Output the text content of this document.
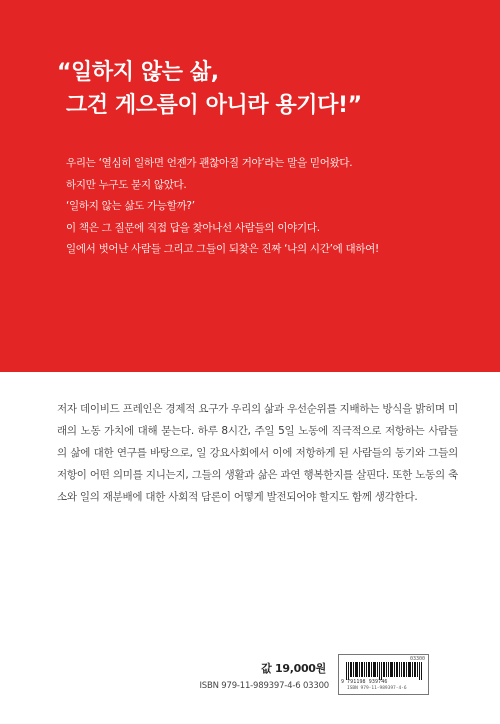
“일하지 않는 삶,
그건 게으름이 아니라 용기다!”

우리는 ‘열심히 일하면 언젠가 괜찮아질 거야’라는 말을 믿어왔다.

하지만 누구도 묻지 않았다.

‘일하지 않는 삶도 가능할까?’

이 책은 그 질문에 직접 답을 찾아나선 사람들의 이야기다.

일에서 벗어난 사람들 그리고 그들이 되찾은 진짜 ‘나의 시간’에 대하여!

저자 데이비드 프레인은 경제적 요구가 우리의 삶과 우선순위를 지배하는 방식을 밝히며 미래의 노동 가치에 대해 묻는다. 하루 8시간, 주일 5일 노동에 직극적으로 저항하는 사람들의 삶에 대한 연구를 바탕으로, 일 강요사회에서 이에 저항하게 된 사람들의 동기와 그들의 저항이 어떤 의미를 지니는지, 그들의 생활과 삶은 과연 행복한지를 살핀다. 또한 노동의 축소와 일의 재분배에 대한 사회적 담론이 어떻게 발전되어야 할지도 함께 생각한다.

값 19,000원
ISBN 979-11-989397-4-6 03300
03300
9 791198 939746
ISBN 979-11-989397-4-6
